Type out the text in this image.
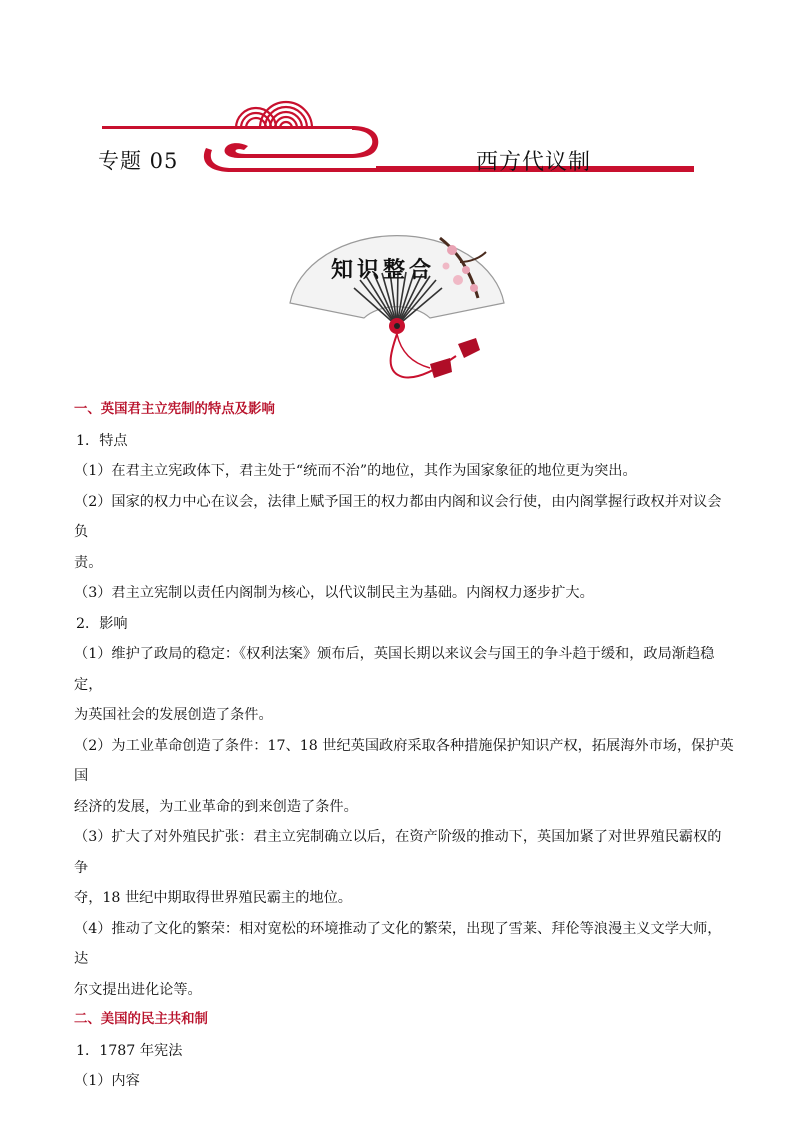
专题 05	西方代议制
知识整合

一、英国君主立宪制的特点及影响

1．特点

（1）在君主立宪政体下，君主处于“统而不治”的地位，其作为国家象征的地位更为突出。

（2）国家的权力中心在议会，法律上赋予国王的权力都由内阁和议会行使，由内阁掌握行政权并对议会负

责。

（3）君主立宪制以责任内阁制为核心，以代议制民主为基础。内阁权力逐步扩大。

2．影响

（1）维护了政局的稳定：《权利法案》颁布后，英国长期以来议会与国王的争斗趋于缓和，政局渐趋稳定，

为英国社会的发展创造了条件。

（2）为工业革命创造了条件：17、18 世纪英国政府采取各种措施保护知识产权，拓展海外市场，保护英国

经济的发展，为工业革命的到来创造了条件。

（3）扩大了对外殖民扩张：君主立宪制确立以后，在资产阶级的推动下，英国加紧了对世界殖民霸权的争

夺，18 世纪中期取得世界殖民霸主的地位。

（4）推动了文化的繁荣：相对宽松的环境推动了文化的繁荣，出现了雪莱、拜伦等浪漫主义文学大师，达

尔文提出进化论等。

二、美国的民主共和制

1．1787 年宪法

（1）内容
